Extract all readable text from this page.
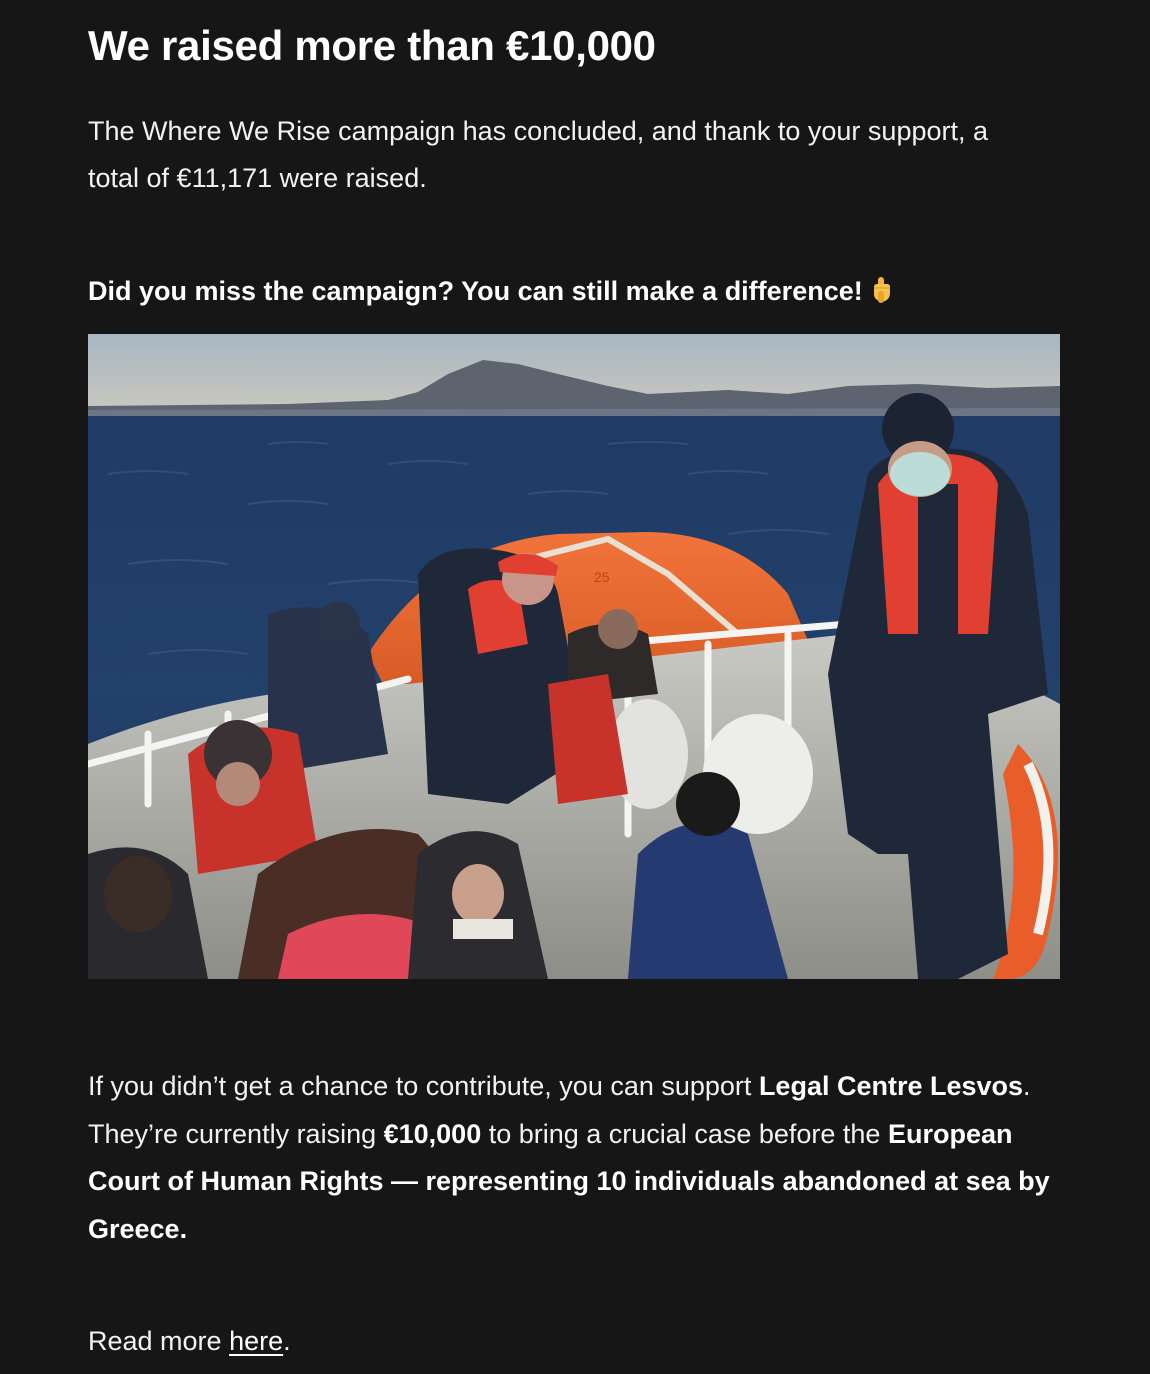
We raised more than €10,000

The Where We Rise campaign has concluded, and thank to your support, a total of €11,171 were raised.

Did you miss the campaign? You can still make a difference!

25

If you didn’t get a chance to contribute, you can support Legal Centre Lesvos.
They’re currently raising €10,000 to bring a crucial case before the European Court of Human Rights — representing 10 individuals abandoned at sea by Greece.

Read more here.
